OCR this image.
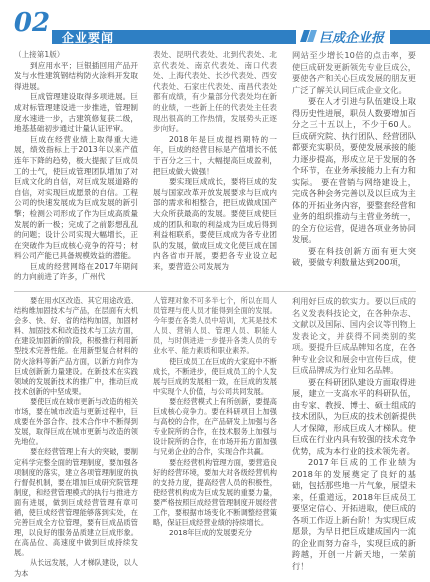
02 企业要闻	巨成企业报

（上接第1版）

到应用水平；巨银插回用产品开发与水性建筑钢结构防火涂料开发取得进展。

巨成管理建设取得多项进展。巨成对标管理建设进一步推进，管理制度水速进一步，古建筑修复获二级，地基基础初步通过计量认证评审。

巨成在经营业绩上取得重大进展，绩效指标上于2013年以来产值连年下降的趋势，极大提振了巨成员工的士气，使巨成管理团队增加了对巨成文化的自信，对巨成发展道路的自信，对实现巨成愿景的自信。工程公司的快速发展成为巨成发展的新引擎；检测公司形成了作为巨成高质量发展的新一极；完成了之前影想乱乱的问题；设计公司实现大幅增长，正在突破作为巨成核心竞争的符号；材料公司产能已具备规模效益的潜能。

巨成的经营网络在2017年期间的力向前进了许多，广州代

表处、昆明代表处、北到代表处、北京代表处、南京代表处、南口代表处、上海代表处、长沙代表处、西安代表处、石家庄代表处、南昌代表处都有成绩，有少量部分代表处均在新的业绩，一些新上任的代表处主任表现出很高的工作热情，发展势头正逐步向好。

2018年是巨成提档期特的一年，巨成的经营目标是产值增长不低于百分之三十，大幅提高巨成盈利，把巨成做大做强！

要实现巨成成长，要将巨成的发展与国家改革开放发展要求与巨成内部的需求和相整合，把巨成做成国产大众所获最高的发展。要使巨成使巨成的团队和取的利益成为巨成后得到利益相联系，要使巨成成为各专业团队的发展，做成巨成文化使巨成在国内各省市开展，要把各专业设立起来，要营造公司发展为

网站至少增长10倍的点击率，要使巨成研发更新领先专业巨成公，要使各产和关心巨成发展的朋友更广泛了解关认同巨成企业文化。

要在人才引进与队伍建设上取得历史性进展，职员人数要增加百分之三十五以上，不少于60人。巨成研究院、执行团队、经营团队都要充实职员，要使发展承接的能力逐步提高，形成立足于发展的各个环节，在业务承接能力上有力和实际。 要在营销与网络建设上，完成各种会务完善以及以巨成为主体的开拓业务内容，要整套经营和业务的组织推动与主营业务统一，的全方位运营，促进各项业务协同发展。

要在科技创新方面有更大突破，要做专利数量达到200项，

要在用水区改造、其它用途改造、结构维加固技术与产品，在层面有大机会多、快、好、省的结构加固，加固材料、加固技术和改造技术与工法方面，在建设加固新的阶段，积极推行利用新型技术完善性能。在用新型复合材料的防火涂料等新产品方面，以新方向作为巨成创新新力量建设。在新技术在实践领域的发展新技术的推广中，推动巨成技术创新的中坚成果。

要使巨成在城市更新与改造的相关市场，要在城市改造与更新过程中，巨成要在外部合作、技术合作中不断得到发展，取得巨成在城市更新与改造的领先地位。

要在经营管理上有大的突破，要制定科学完整全面的管理制度，要加强各项制度的落实，建立各项管理制度的执行督促机制，要在增加巨成研究院管理制度，和经营管理模式的执行与推进方面有进展，做到巨成经营管理有章可循，使巨成经营管理能够落到实处，在完善巨成全方位管理，要有巨成品质管理，以良好的服务品质建立巨成形象。在高品位、高速度中做到巨成持续发展。

从长远发展，人才梯队建设，以人为本

人管理对象不可多半七个，所以在局人员管理与使人员才能得到全面的发展。今年要在各类人员中培训，尤其是技术人员、营销人员、管理人员、职能人员，与时俱进进一步提升各类人员的专业水平、能力素质和职业素养。

使巨成员工在巨成的大家庭中不断成长，不断进步，使巨成员工的个人发展与巨成的发展相一致，在巨成的发展中实现个人价值，与公司共同发展。

要在经营模式上有所创新，要提高巨成核心竞争力。要在科研项目上加强与高校的合作，在产品研发上加强与各专业院所的合作，在技术服务上加强与设计院所的合作，在市场开拓方面加强与兄弟企业的合作，实现合作共赢。

要在经营机构管理方面，要营造良好的经营环境，要加大对各级经营机构的支持力度，提高经营人员的积极性，使经营机构成为巨成发展的重要力量，要严格按照巨成经营管理制度开展经营工作，要根据市场变化不断调整经营策略，保证巨成经营业绩的持续增长。

2018年巨成的发展要充分

利用好巨成的软实力。要以巨成的名义发表科技论文，在各种杂志、文献以及国际、国内会议等刊物上发表论文，并获得不同类别的奖项。要提升巨成品牌知名度，在各种专业会议和展会中宣传巨成，使巨成品牌成为行业知名品牌。

要在科研团队建设方面取得进展，建立一支高水平的科研队伍，由专家、教授、博士、硕士组成的技术团队，为巨成的技术创新提供人才保障，形成巨成人才梯队。使巨成在行业内具有较强的技术竞争优势，成为本行业的技术领先者。

2017年巨成的工作业绩为2018年的发展奠定了良好的基础，包括那些地一片气象，展望未来，任重道远，2018年巨成员工要坚定信心、开拓进取，使巨成的各项工作迈上新台阶！为实现巨成愿景，为早日把巨成建成国内一流的企业而努力奋斗，实现巨成的新跨越，开创一片新天地，一荣前行！
